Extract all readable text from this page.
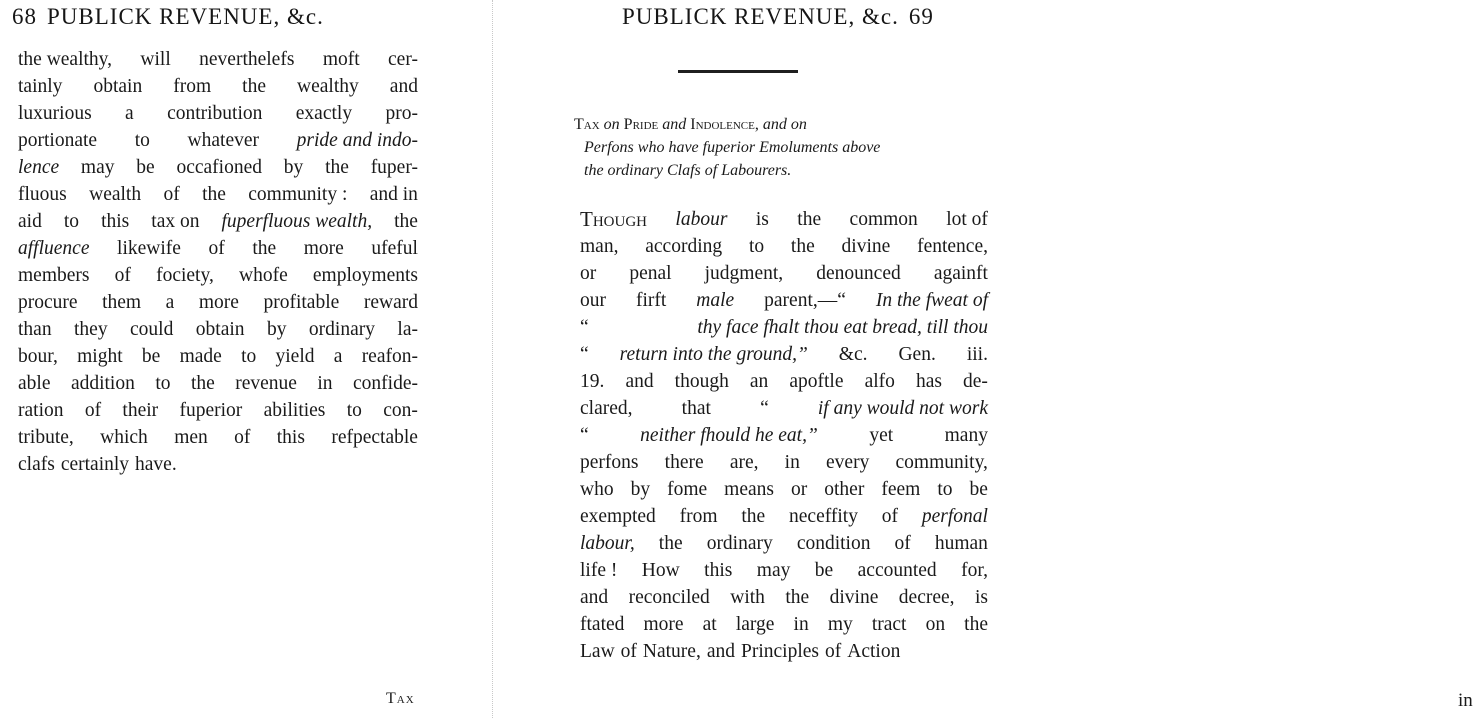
68 PUBLICK REVENUE, &c.
the wealthy, will neverthelefs moft cer-
tainly obtain from the wealthy and
luxurious a contribution exactly pro-
portionate to whatever pride and indo-
lence may be occafioned by the fuper-
fluous wealth of the community : and in
aid to this tax on fuperfluous wealth, the
affluence likewife of the more ufeful
members of fociety, whofe employments
procure them a more profitable reward
than they could obtain by ordinary la-
bour, might be made to yield a reafon-
able addition to the revenue in confide-
ration of their fuperior abilities to con-
tribute, which men of this refpectable
clafs certainly have.
Tax
PUBLICK REVENUE, &c. 69
Tax on Pride and Indolence, and on
Perfons who have fuperior Emoluments above
the ordinary Clafs of Labourers.
Though labour is the common lot of
man, according to the divine fentence,
or penal judgment, denounced againft
our firft male parent,—“ In the fweat of
“	thy face fhalt thou eat bread, till thou
“ return into the ground,” &c. Gen. iii.
19. and though an apoftle alfo has de-
clared,	that	“	if any would not work
“	neither fhould he eat,”	yet	many
perfons there are, in every community,
who by fome means or other feem to be
exempted from the neceffity of perfonal
labour, the ordinary condition of human
life ! How this may be accounted for,
and reconciled with the divine decree, is
ftated more at large in my tract on the
Law of Nature, and Principles of Action
in
